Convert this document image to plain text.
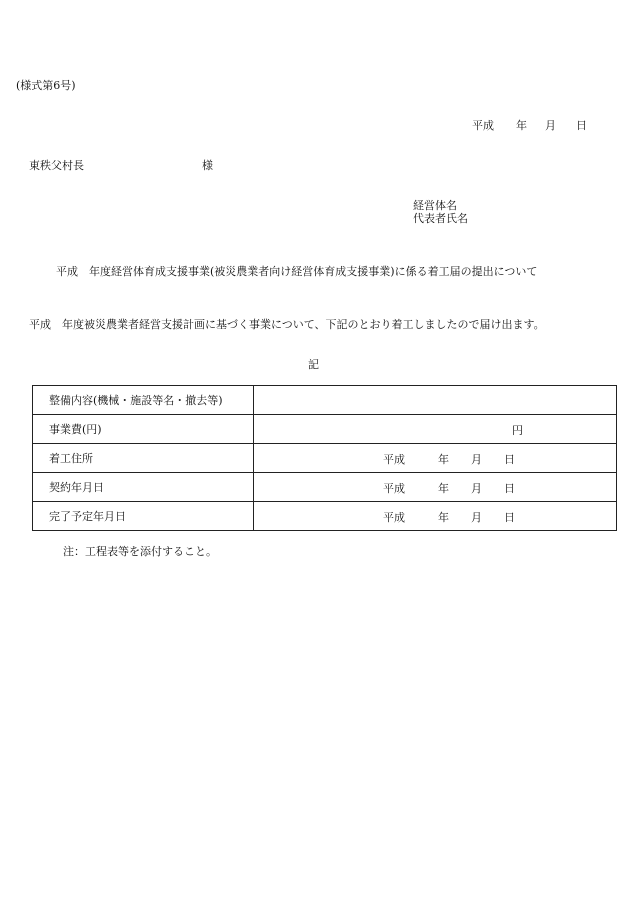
(様式第6号)
平成 年 月 日
東秩父村長	様
経営体名
代表者氏名
平成　年度経営体育成支援事業(被災農業者向け経営体育成支援事業)に係る着工届の提出について
平成　年度被災農業者経営支援計画に基づく事業について、下記のとおり着工しましたので届け出ます。
記
整備内容(機械・施設等名・撤去等)	
事業費(円)	円

着工住所	平成　　　年　　月　　日

契約年月日	平成　　　年　　月　　日

完了予定年月日	平成　　　年　　月　　日
注：工程表等を添付すること。
